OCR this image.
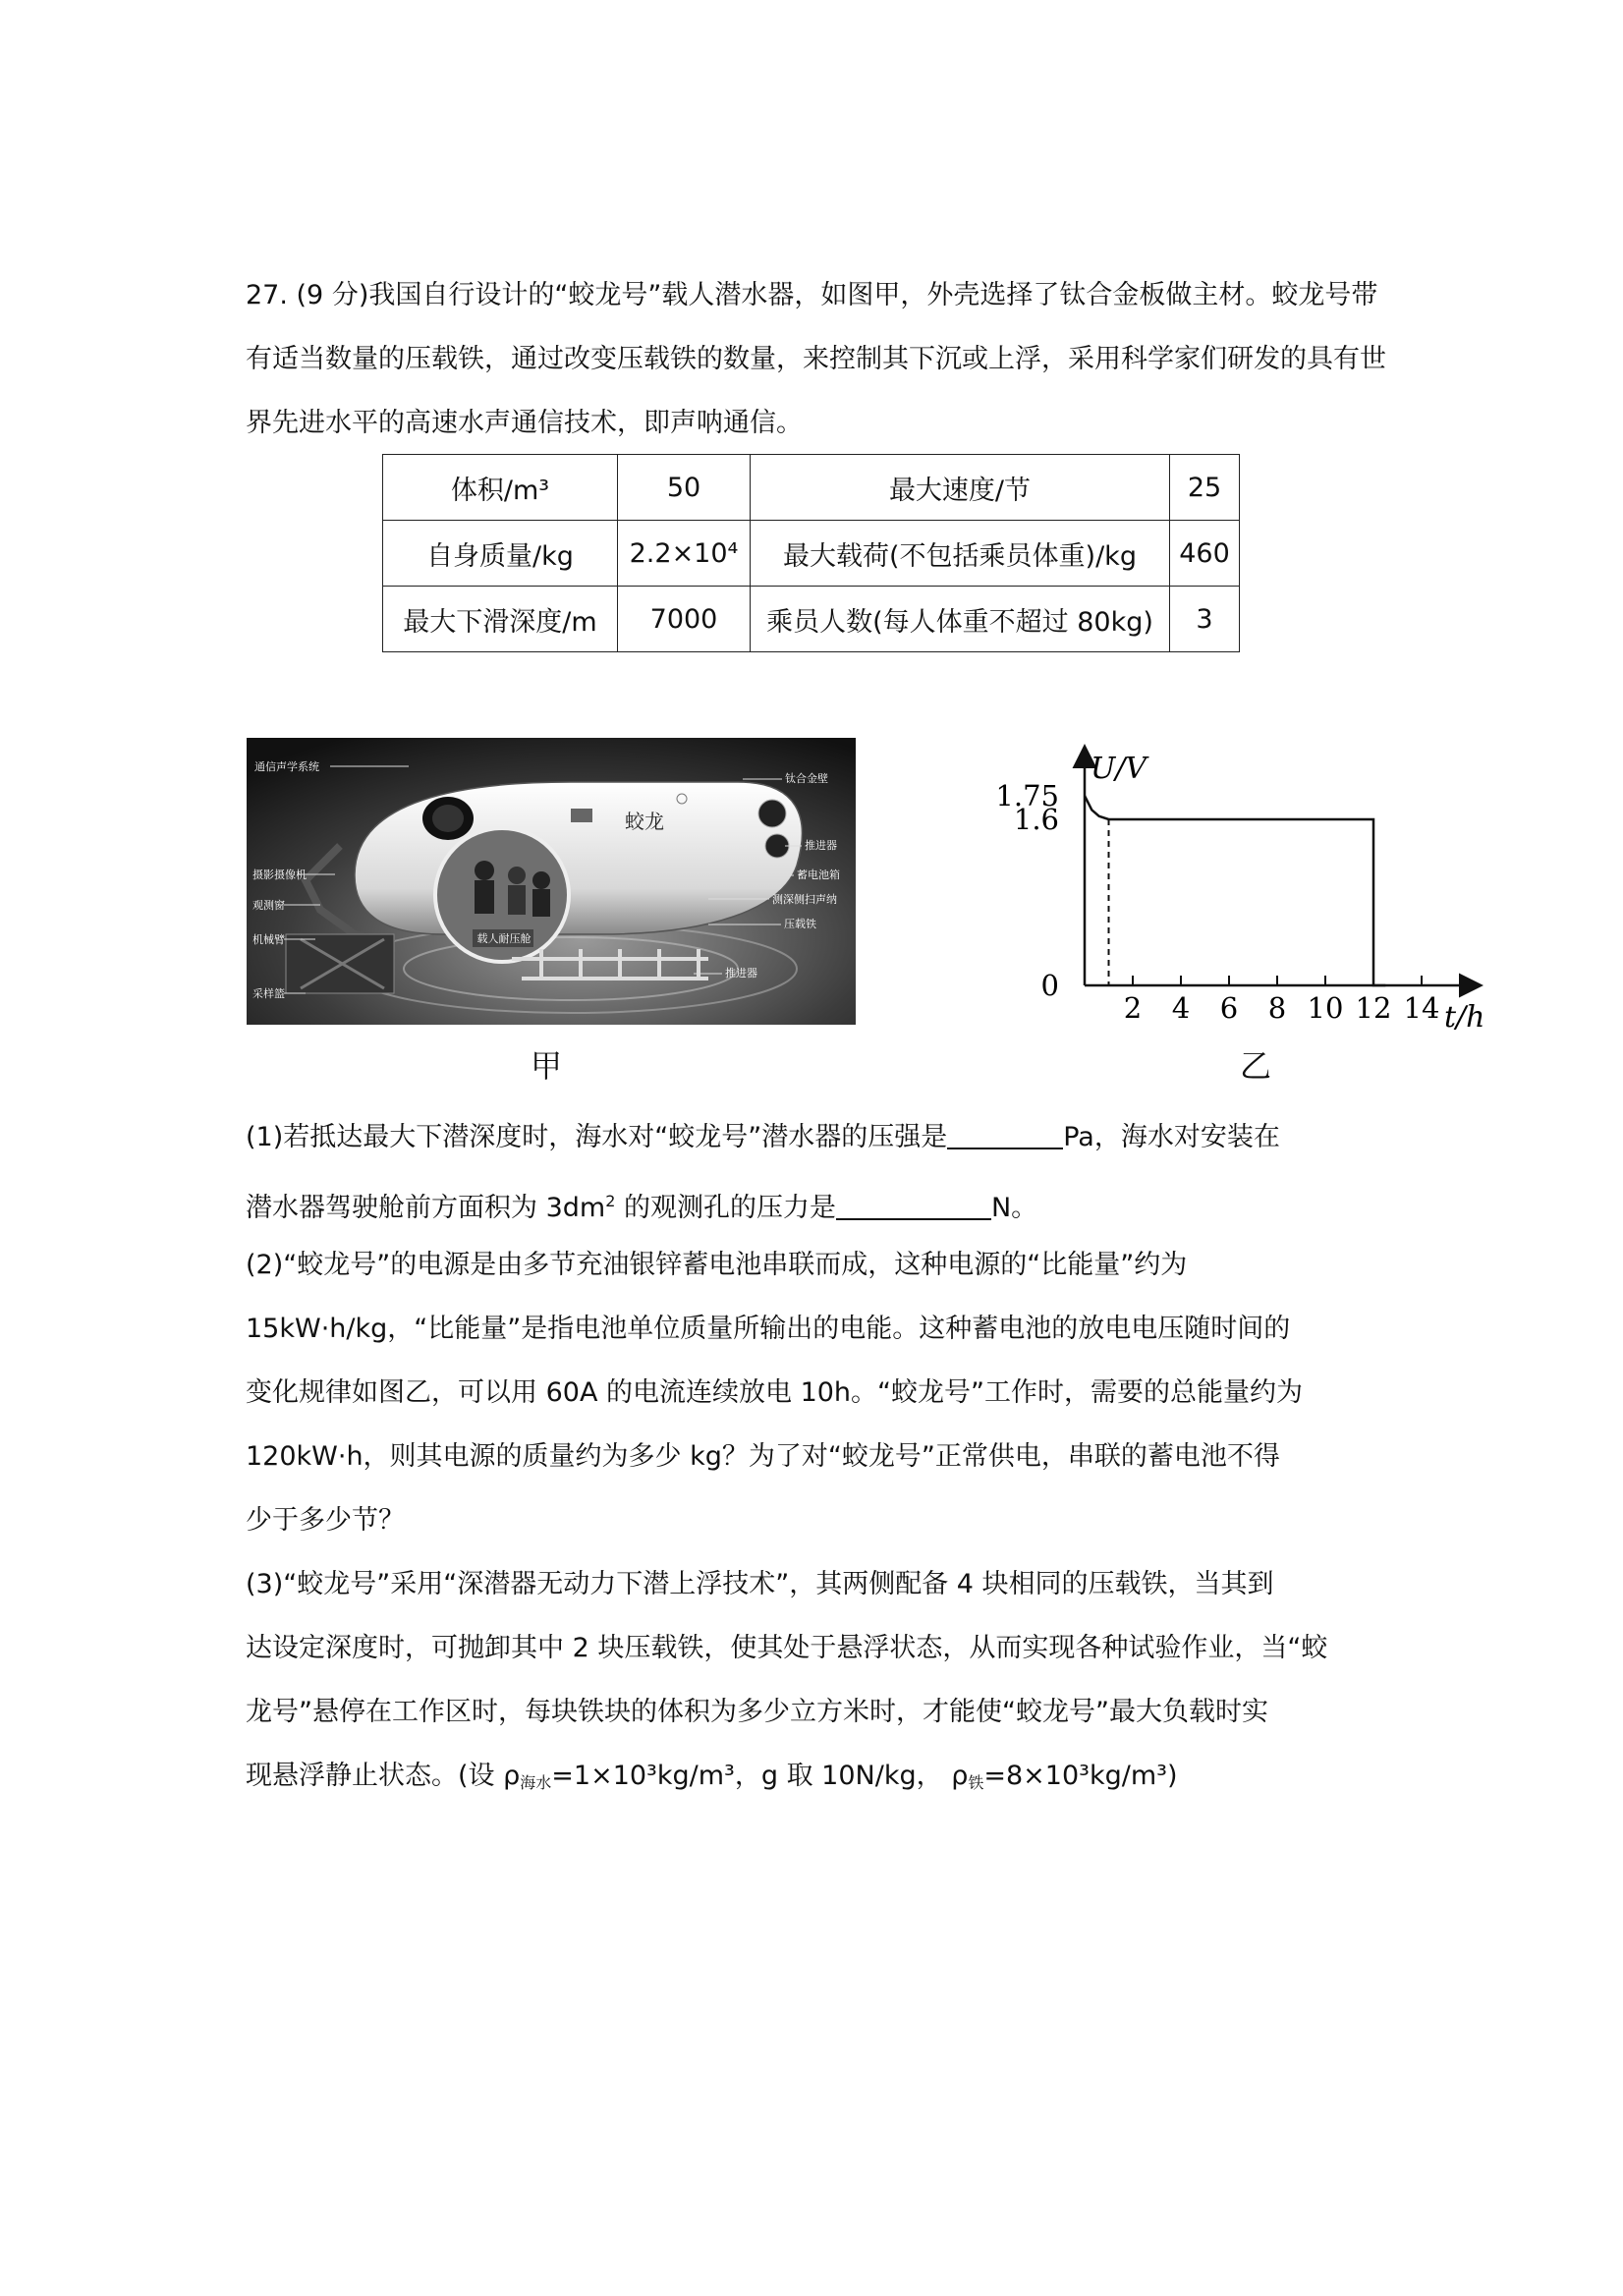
27. (9 分)我国自行设计的“蛟龙号”载人潜水器，如图甲，外壳选择了钛合金板做主材。蛟龙号带有适当数量的压载铁，通过改变压载铁的数量，来控制其下沉或上浮，采用科学家们研发的具有世界先进水平的高速水声通信技术，即声呐通信。
体积/m³	50	最大速度/节	25
自身质量/kg	2.2×10⁴	最大载荷(不包括乘员体重)/kg	460
最大下滑深度/m	7000	乘员人数(每人体重不超过 80kg)	3
载人耐压舱
蛟龙
通信声学系统
钛合金壁
推进器
摄影摄像机	蓄电池箱
观测窗	测深侧扫声纳
机械臂
压载铁
采样篮
推进器
甲
U/V
t/h
1.75
1.6
0
2 4 6 8 10 12 14
乙
(1)若抵达最大下潜深度时，海水对“蛟龙号”潜水器的压强是	Pa，海水对安装在
潜水器驾驶舱前方面积为 $3dm^2$ 的观测孔的压力是	N。
(2)“蛟龙号”的电源是由多节充油银锌蓄电池串联而成，这种电源的“比能量”约为
15kW·h/kg，“比能量”是指电池单位质量所输出的电能。这种蓄电池的放电电压随时间的
变化规律如图乙，可以用 60A 的电流连续放电 10h。“蛟龙号”工作时，需要的总能量约为
120kW·h，则其电源的质量约为多少 kg？为了对“蛟龙号”正常供电，串联的蓄电池不得
少于多少节？
(3)“蛟龙号”采用“深潜器无动力下潜上浮技术”，其两侧配备 4 块相同的压载铁，当其到
达设定深度时，可抛卸其中 2 块压载铁，使其处于悬浮状态，从而实现各种试验作业，当“蛟
龙号”悬停在工作区时，每块铁块的体积为多少立方米时，才能使“蛟龙号”最大负载时实
现悬浮静止状态。(设 $\rho_{海水}=1\times 10^3kg/m^3$，g 取 10N/kg， $\rho_铁=8\times 10^3kg/m^3$)
